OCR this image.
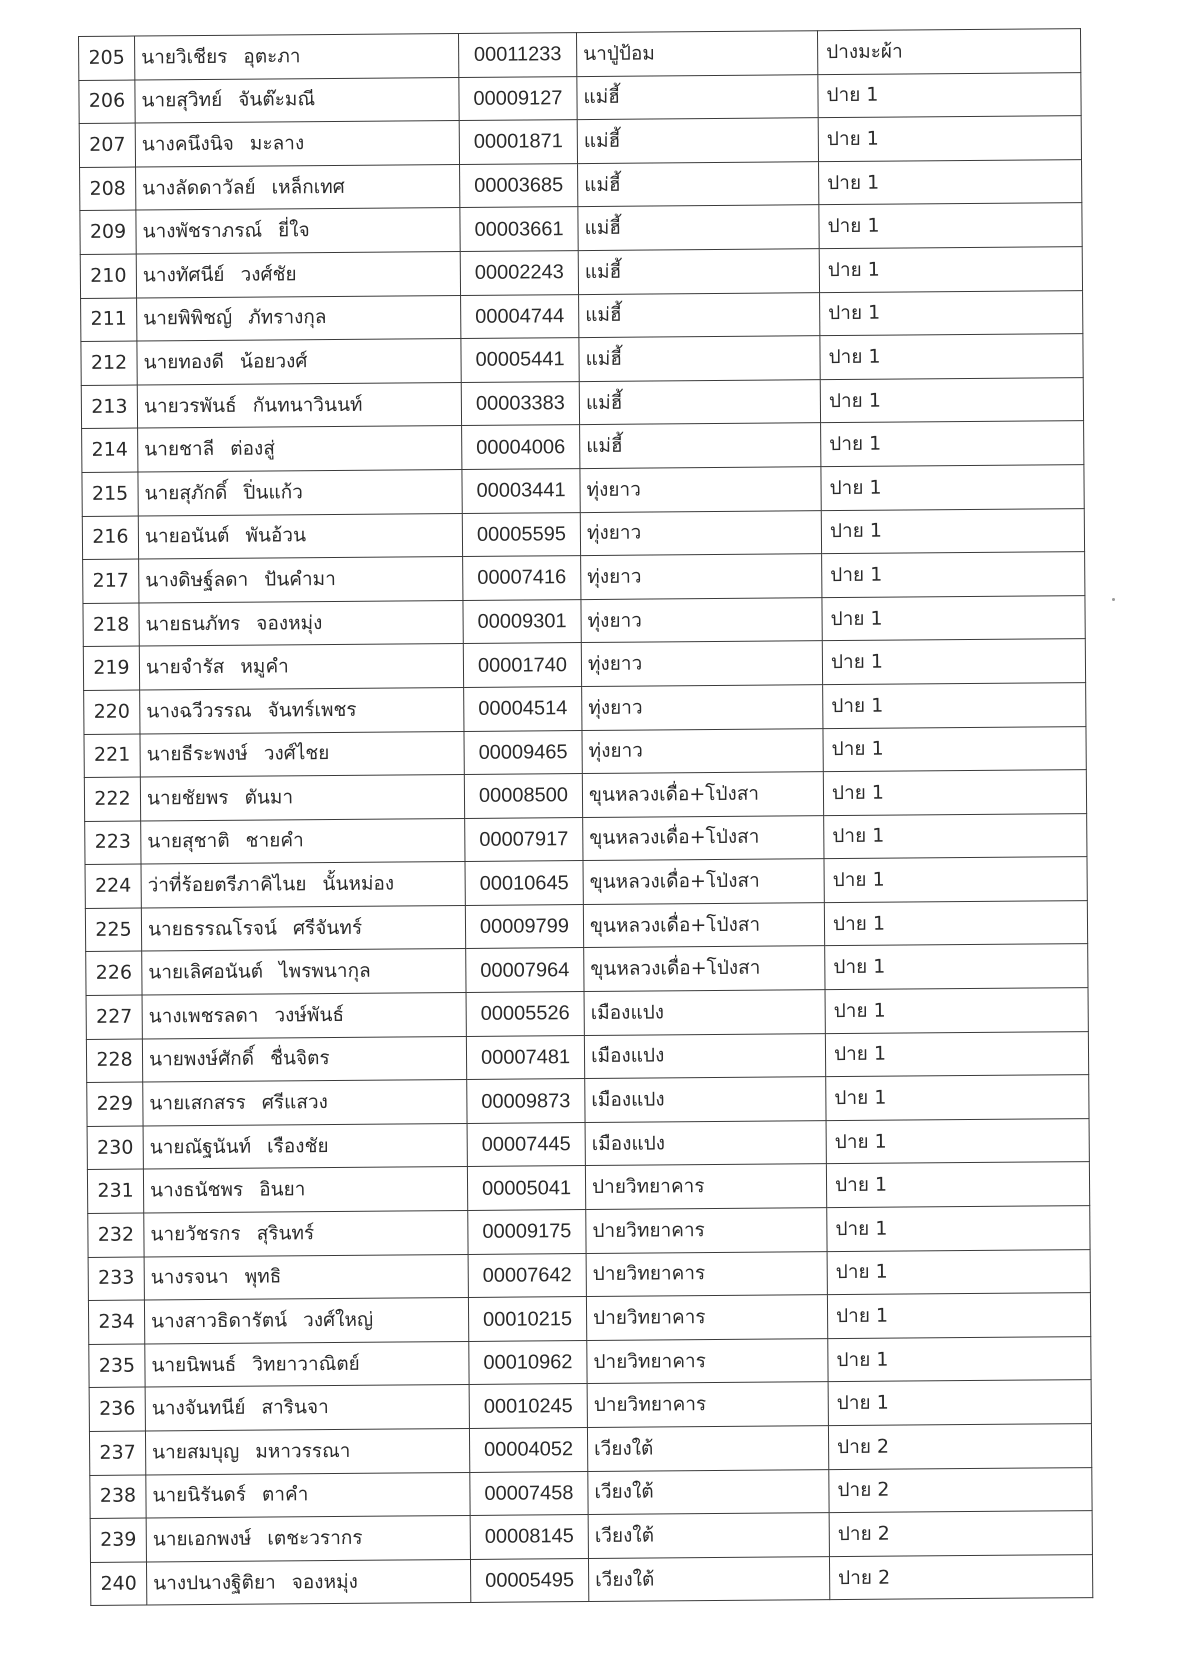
205	นายวิเชียร อุตะภา	00011233	นาปู่ป้อม	ปางมะผ้า
206	นายสุวิทย์ จันต๊ะมณี	00009127	แม่ฮี้	ปาย 1
207	นางคนึงนิจ มะลาง	00001871	แม่ฮี้	ปาย 1
208	นางลัดดาวัลย์ เหล็กเทศ	00003685	แม่ฮี้	ปาย 1
209	นางพัชราภรณ์ ยี่ใจ	00003661	แม่ฮี้	ปาย 1
210	นางทัศนีย์ วงศ์ชัย	00002243	แม่ฮี้	ปาย 1
211	นายพิพิชญ์ ภัทรางกุล	00004744	แม่ฮี้	ปาย 1
212	นายทองดี น้อยวงศ์	00005441	แม่ฮี้	ปาย 1
213	นายวรพันธ์ กันทนาวินนท์	00003383	แม่ฮี้	ปาย 1
214	นายชาลี ต่องสู่	00004006	แม่ฮี้	ปาย 1
215	นายสุภักดิ์ ปิ่นแก้ว	00003441	ทุ่งยาว	ปาย 1
216	นายอนันต์ พันอ้วน	00005595	ทุ่งยาว	ปาย 1
217	นางดิษฐ์ลดา ปันคำมา	00007416	ทุ่งยาว	ปาย 1
218	นายธนภัทร จองหมุ่ง	00009301	ทุ่งยาว	ปาย 1
219	นายจำรัส หมูคำ	00001740	ทุ่งยาว	ปาย 1
220	นางฉวีวรรณ จันทร์เพชร	00004514	ทุ่งยาว	ปาย 1
221	นายธีระพงษ์ วงศ์ไชย	00009465	ทุ่งยาว	ปาย 1
222	นายชัยพร ตันมา	00008500	ขุนหลวงเดื่อ+โป่งสา	ปาย 1
223	นายสุชาติ ชายคำ	00007917	ขุนหลวงเดื่อ+โป่งสา	ปาย 1
224	ว่าที่ร้อยตรีภาคิไนย นั้นหม่อง	00010645	ขุนหลวงเดื่อ+โป่งสา	ปาย 1
225	นายธรรณโรจน์ ศรีจันทร์	00009799	ขุนหลวงเดื่อ+โป่งสา	ปาย 1
226	นายเลิศอนันต์ ไพรพนากุล	00007964	ขุนหลวงเดื่อ+โป่งสา	ปาย 1
227	นางเพชรลดา วงษ์พันธ์	00005526	เมืองแปง	ปาย 1
228	นายพงษ์ศักดิ์ ชื่นจิตร	00007481	เมืองแปง	ปาย 1
229	นายเสกสรร ศรีแสวง	00009873	เมืองแปง	ปาย 1
230	นายณัฐนันท์ เรืองชัย	00007445	เมืองแปง	ปาย 1
231	นางธนัชพร อินยา	00005041	ปายวิทยาคาร	ปาย 1
232	นายวัชรกร สุรินทร์	00009175	ปายวิทยาคาร	ปาย 1
233	นางรจนา พุทธิ	00007642	ปายวิทยาคาร	ปาย 1
234	นางสาวธิดารัตน์ วงศ์ใหญ่	00010215	ปายวิทยาคาร	ปาย 1
235	นายนิพนธ์ วิทยาวาณิตย์	00010962	ปายวิทยาคาร	ปาย 1
236	นางจันทนีย์ สารินจา	00010245	ปายวิทยาคาร	ปาย 1
237	นายสมบุญ มหาวรรณา	00004052	เวียงใต้	ปาย 2
238	นายนิรันดร์ ตาคำ	00007458	เวียงใต้	ปาย 2
239	นายเอกพงษ์ เตชะวรากร	00008145	เวียงใต้	ปาย 2
240	นางปนางฐิติยา จองหมุ่ง	00005495	เวียงใต้	ปาย 2
